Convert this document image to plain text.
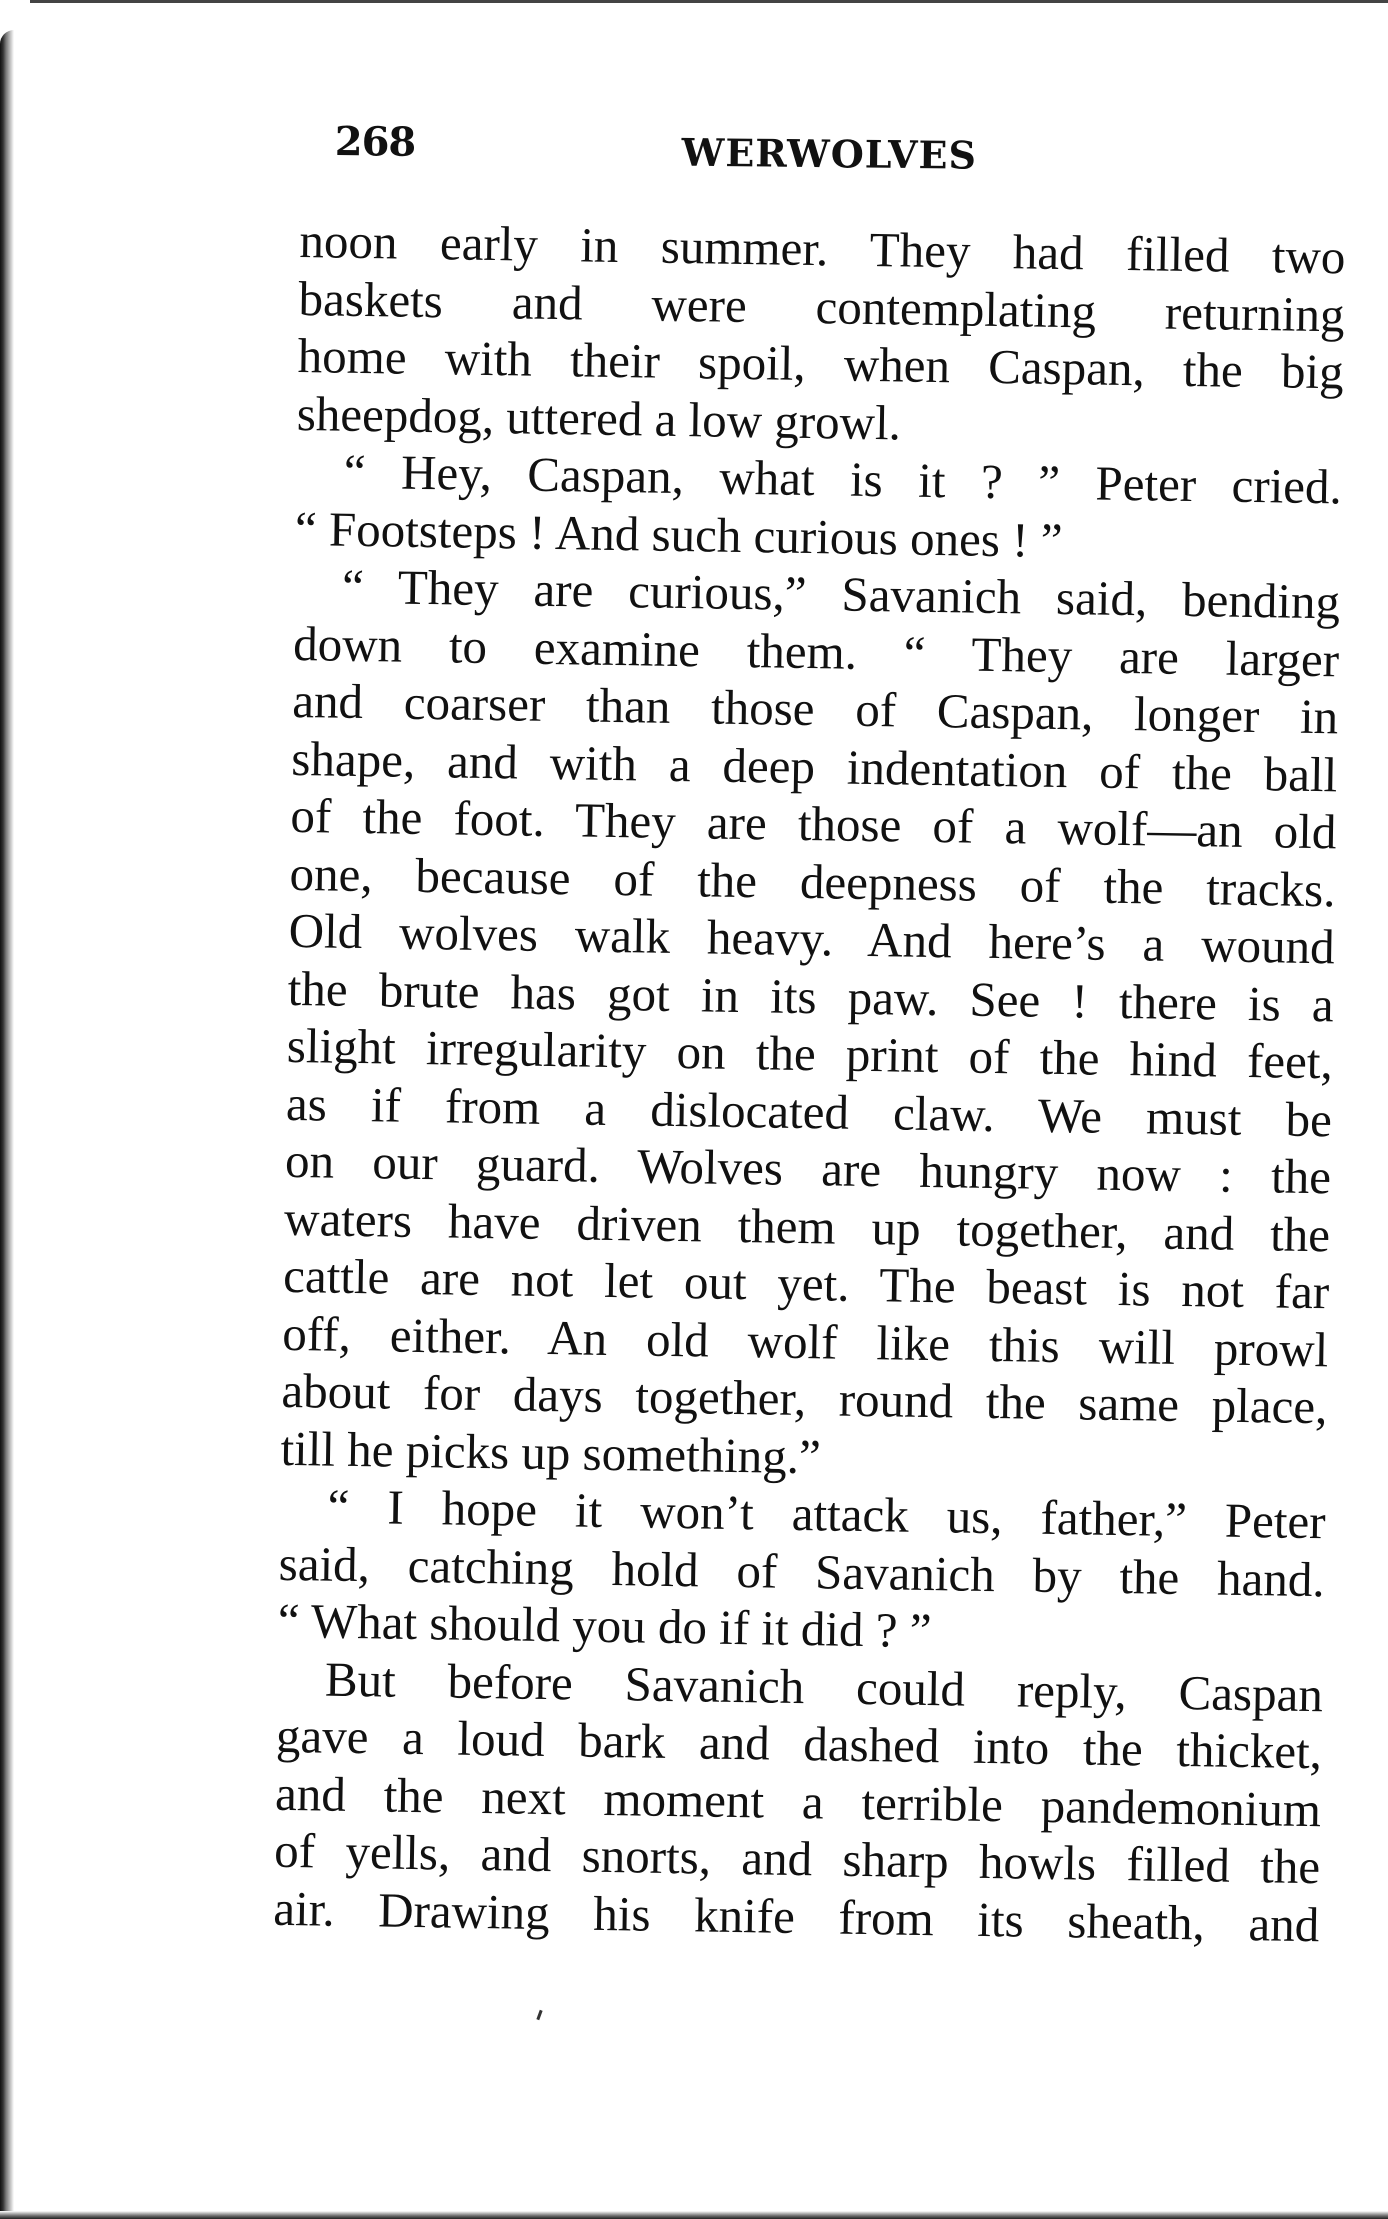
268	WERWOLVES
noon early in summer. They had filled two
baskets and were contemplating returning
home with their spoil, when Caspan, the big
sheepdog, uttered a low growl.
“ Hey, Caspan, what is it ? ” Peter cried.
“ Footsteps ! And such curious ones ! ”
“ They are curious,” Savanich said, bending
down to examine them. “ They are larger
and coarser than those of Caspan, longer in
shape, and with a deep indentation of the ball
of the foot. They are those of a wolf—an old
one, because of the deepness of the tracks.
Old wolves walk heavy. And here’s a wound
the brute has got in its paw. See ! there is a
slight irregularity on the print of the hind feet,
as if from a dislocated claw. We must be
on our guard. Wolves are hungry now : the
waters have driven them up together, and the
cattle are not let out yet. The beast is not far
off, either. An old wolf like this will prowl
about for days together, round the same place,
till he picks up something.”
“ I hope it won’t attack us, father,” Peter
said, catching hold of Savanich by the hand.
“ What should you do if it did ? ”
But before Savanich could reply, Caspan
gave a loud bark and dashed into the thicket,
and the next moment a terrible pandemonium
of yells, and snorts, and sharp howls filled the
air. Drawing his knife from its sheath, and
